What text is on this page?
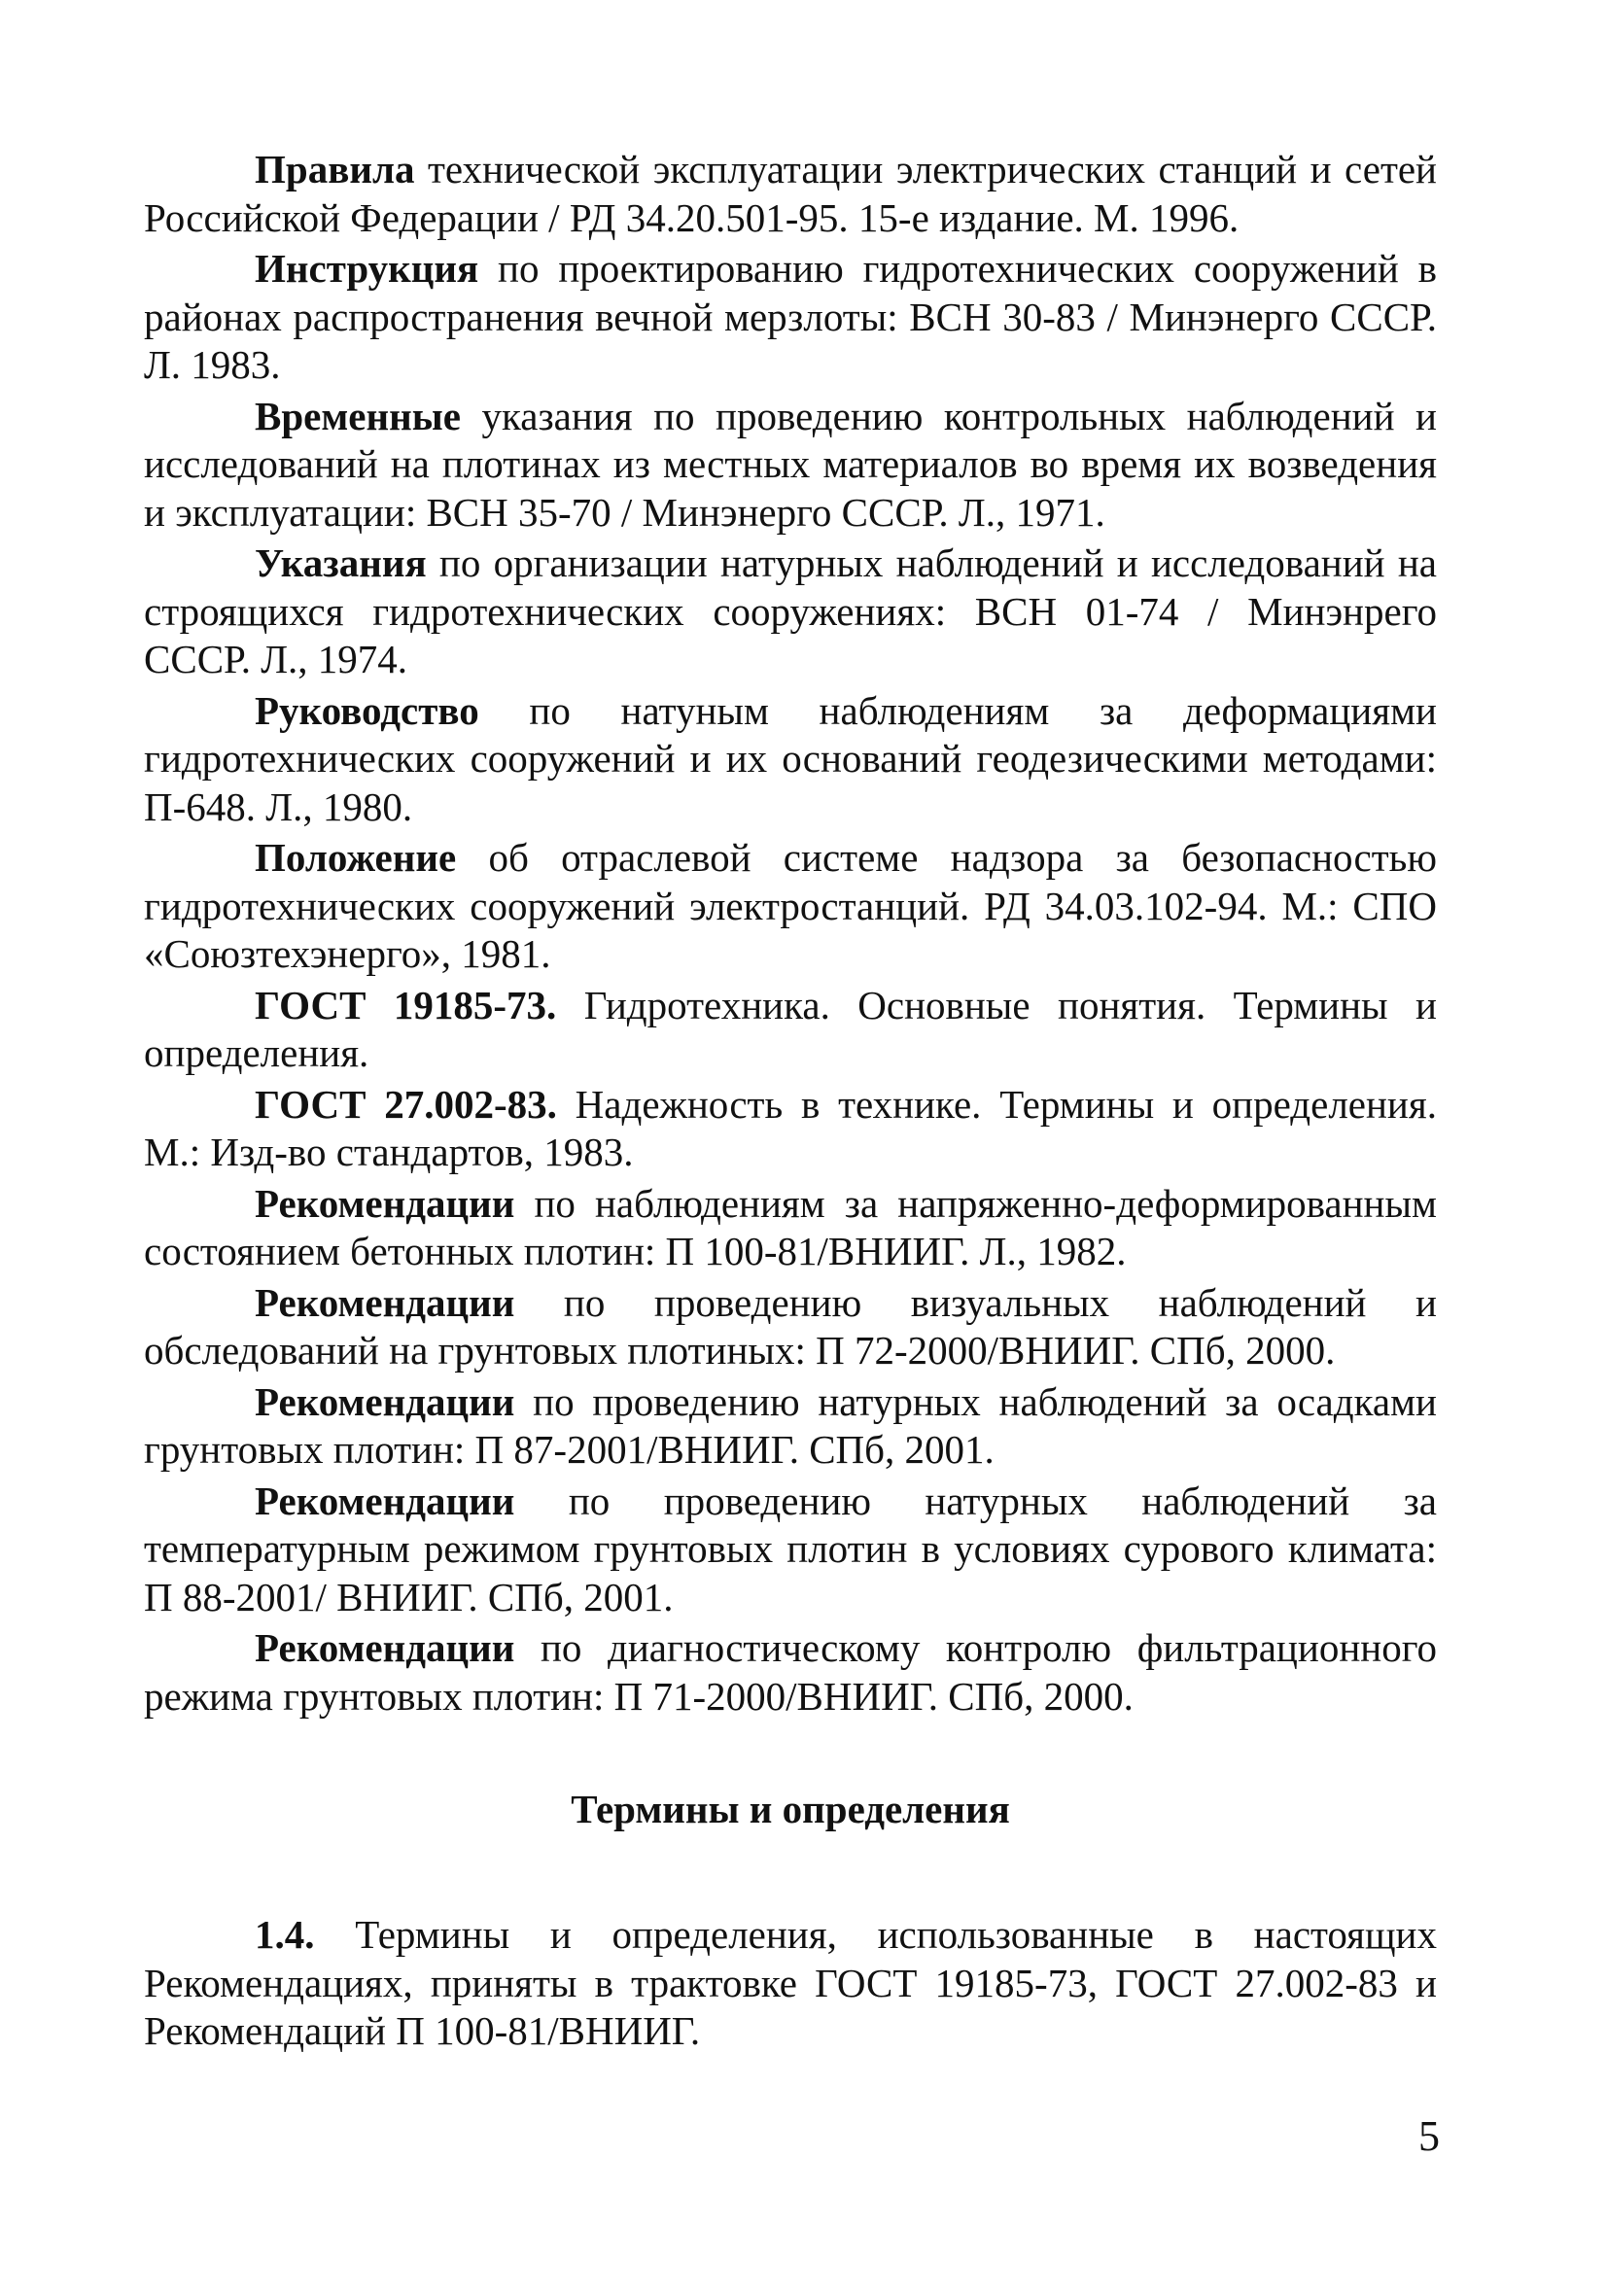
Правила технической эксплуатации электрических станций и сетей Российской Федерации / РД 34.20.501-95. 15-е издание. М. 1996.

Инструкция по проектированию гидротехнических сооружений в районах распространения вечной мерзлоты: ВСН 30-83 / Минэнерго СССР. Л. 1983.

Временные указания по проведению контрольных наблюдений и исследований на плотинах из местных материалов во время их возведения и эксплуатации: ВСН 35-70 / Минэнерго СССР. Л., 1971.

Указания по организации натурных наблюдений и исследований на строящихся гидротехнических сооружениях: ВСН 01-74 / Минэнрего СССР. Л., 1974.

Руководство по натуным наблюдениям за деформациями гидротехнических сооружений и их оснований геодезическими методами: П-648. Л., 1980.

Положение об отраслевой системе надзора за безопасностью гидротехнических сооружений электростанций. РД 34.03.102-94. М.: СПО «Союзтехэнерго», 1981.

ГОСТ 19185-73. Гидротехника. Основные понятия. Термины и определения.

ГОСТ 27.002-83. Надежность в технике. Термины и определения. М.: Изд-во стандартов, 1983.

Рекомендации по наблюдениям за напряженно-деформированным состоянием бетонных плотин: П 100-81/ВНИИГ. Л., 1982.

Рекомендации по проведению визуальных наблюдений и обследований на грунтовых плотиных: П 72-2000/ВНИИГ. СПб, 2000.

Рекомендации по проведению натурных наблюдений за осадками грунтовых плотин: П 87-2001/ВНИИГ. СПб, 2001.

Рекомендации по проведению натурных наблюдений за температурным режимом грунтовых плотин в условиях сурового климата: П 88-2001/ ВНИИГ. СПб, 2001.

Рекомендации по диагностическому контролю фильтрационного режима грунтовых плотин: П 71-2000/ВНИИГ. СПб, 2000.

Термины и определения

1.4. Термины и определения, использованные в настоящих Рекомендациях, приняты в трактовке ГОСТ 19185-73, ГОСТ 27.002-83 и Рекомендаций П 100-81/ВНИИГ.

5
